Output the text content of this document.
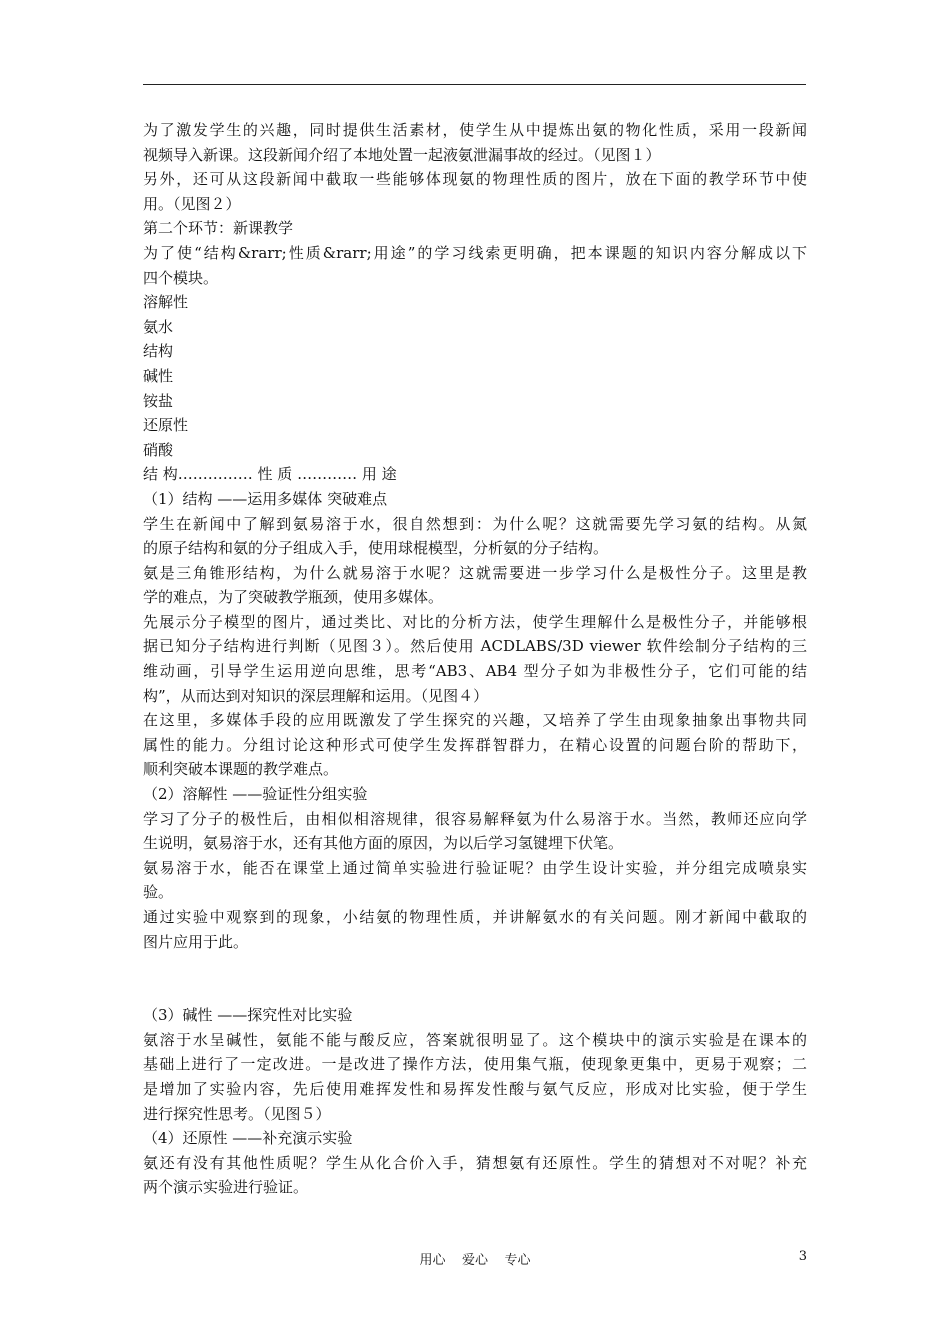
为了激发学生的兴趣，同时提供生活素材，使学生从中提炼出氨的物化性质，采用一段新闻
视频导入新课。这段新闻介绍了本地处置一起液氨泄漏事故的经过。（见图１）
另外，还可从这段新闻中截取一些能够体现氨的物理性质的图片，放在下面的教学环节中使
用。（见图２）
第二个环节：新课教学
为了使“结构&rarr;性质&rarr;用途”的学习线索更明确，把本课题的知识内容分解成以下
四个模块。
溶解性
氨水
结构
碱性
铵盐
还原性
硝酸
结 构…………… 性 质 ………… 用 途
（1）结构 ——运用多媒体 突破难点
学生在新闻中了解到氨易溶于水，很自然想到：为什么呢？这就需要先学习氨的结构。从氮
的原子结构和氨的分子组成入手，使用球棍模型，分析氨的分子结构。
氨是三角锥形结构，为什么就易溶于水呢？这就需要进一步学习什么是极性分子。这里是教
学的难点，为了突破教学瓶颈，使用多媒体。
先展示分子模型的图片，通过类比、对比的分析方法，使学生理解什么是极性分子，并能够根
据已知分子结构进行判断（见图３）。然后使用 ACDLABS/3D viewer 软件绘制分子结构的三
维动画，引导学生运用逆向思维，思考“AB3、AB4 型分子如为非极性分子，它们可能的结
构”，从而达到对知识的深层理解和运用。（见图４）
在这里，多媒体手段的应用既激发了学生探究的兴趣，又培养了学生由现象抽象出事物共同
属性的能力。分组讨论这种形式可使学生发挥群智群力，在精心设置的问题台阶的帮助下，
顺利突破本课题的教学难点。
（2）溶解性 ——验证性分组实验
学习了分子的极性后，由相似相溶规律，很容易解释氨为什么易溶于水。当然，教师还应向学
生说明，氨易溶于水，还有其他方面的原因，为以后学习氢键埋下伏笔。
氨易溶于水，能否在课堂上通过简单实验进行验证呢？由学生设计实验，并分组完成喷泉实
验。
通过实验中观察到的现象，小结氨的物理性质，并讲解氨水的有关问题。刚才新闻中截取的
图片应用于此。
（3）碱性 ——探究性对比实验
氨溶于水呈碱性，氨能不能与酸反应，答案就很明显了。这个模块中的演示实验是在课本的
基础上进行了一定改进。一是改进了操作方法，使用集气瓶，使现象更集中，更易于观察；二
是增加了实验内容，先后使用难挥发性和易挥发性酸与氨气反应，形成对比实验，便于学生
进行探究性思考。（见图５）
（4）还原性 ——补充演示实验
氨还有没有其他性质呢？学生从化合价入手，猜想氨有还原性。学生的猜想对不对呢？补充
两个演示实验进行验证。
用心    爱心    专心	3
